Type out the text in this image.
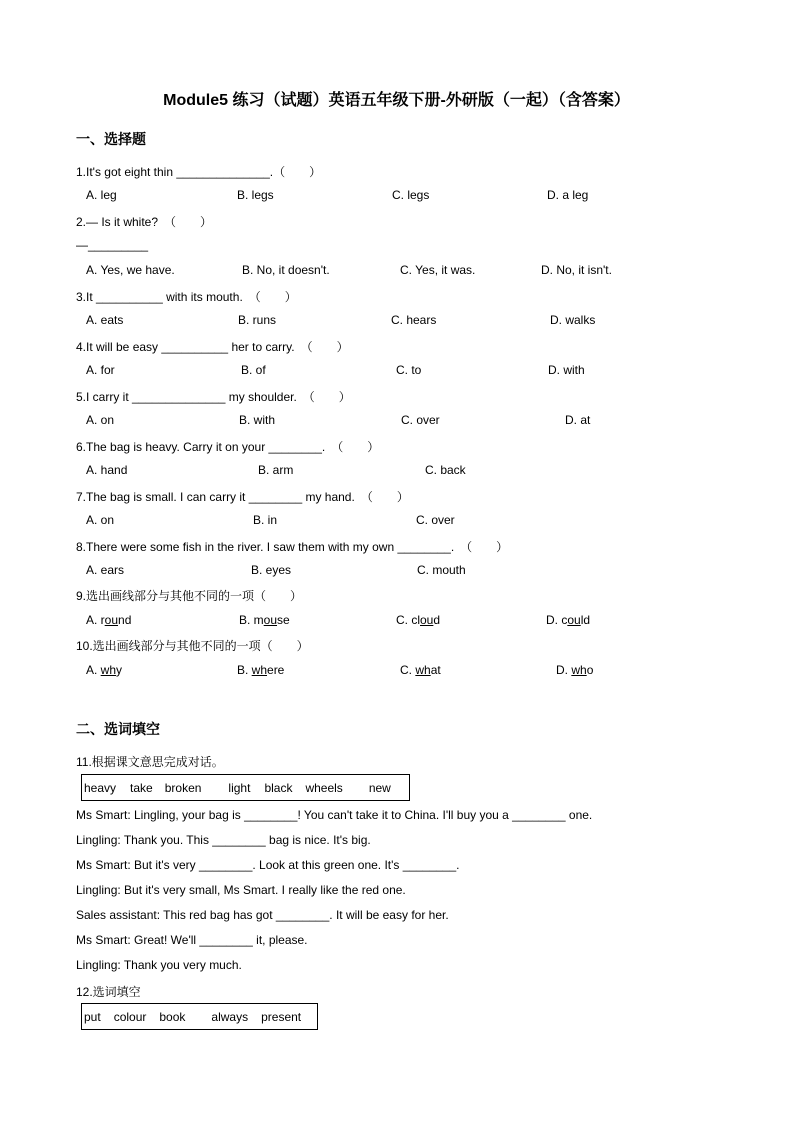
Module5 练习（试题）英语五年级下册-外研版（一起）（含答案）
一、选择题
1.It's got eight thin ______________.（　　）
A. leg	B. legs	C. legs	D. a leg
2.— Is it white?　（　　）
—_________
A. Yes, we have.	B. No, it doesn't.	C. Yes, it was.	D. No, it isn't.
3.It __________ with its mouth.　（　　）
A. eats	B. runs	C. hears	D. walks
4.It will be easy __________ her to carry.　（　　）
A. for	B. of	C. to	D. with
5.I carry it ______________ my shoulder.　（　　）
A. on	B. with	C. over	D. at
6.The bag is heavy. Carry it on your ________.　（　　）
A. hand	B. arm	C. back
7.The bag is small. I can carry it ________ my hand.　（　　）
A. on	B. in	C. over
8.There were some fish in the river. I saw them with my own ________.　（　　）
A. ears	B. eyes	C. mouth
9.选出画线部分与其他不同的一项（　　）
A. round	B. mouse	C. cloud	D. could
10.选出画线部分与其他不同的一项（　　）
A. why	B. where	C. what	D. who
二、选词填空
11.根据课文意思完成对话。
heavy take broken light black wheels new
Ms Smart: Lingling, your bag is ________! You can't take it to China. I'll buy you a ________ one.
Lingling: Thank you. This ________ bag is nice. It's big.
Ms Smart: But it's very ________. Look at this green one. It's ________.
Lingling: But it's very small, Ms Smart. I really like the red one.
Sales assistant: This red bag has got ________. It will be easy for her.
Ms Smart: Great! We'll ________ it, please.
Lingling: Thank you very much.
12.选词填空
put colour book always present
